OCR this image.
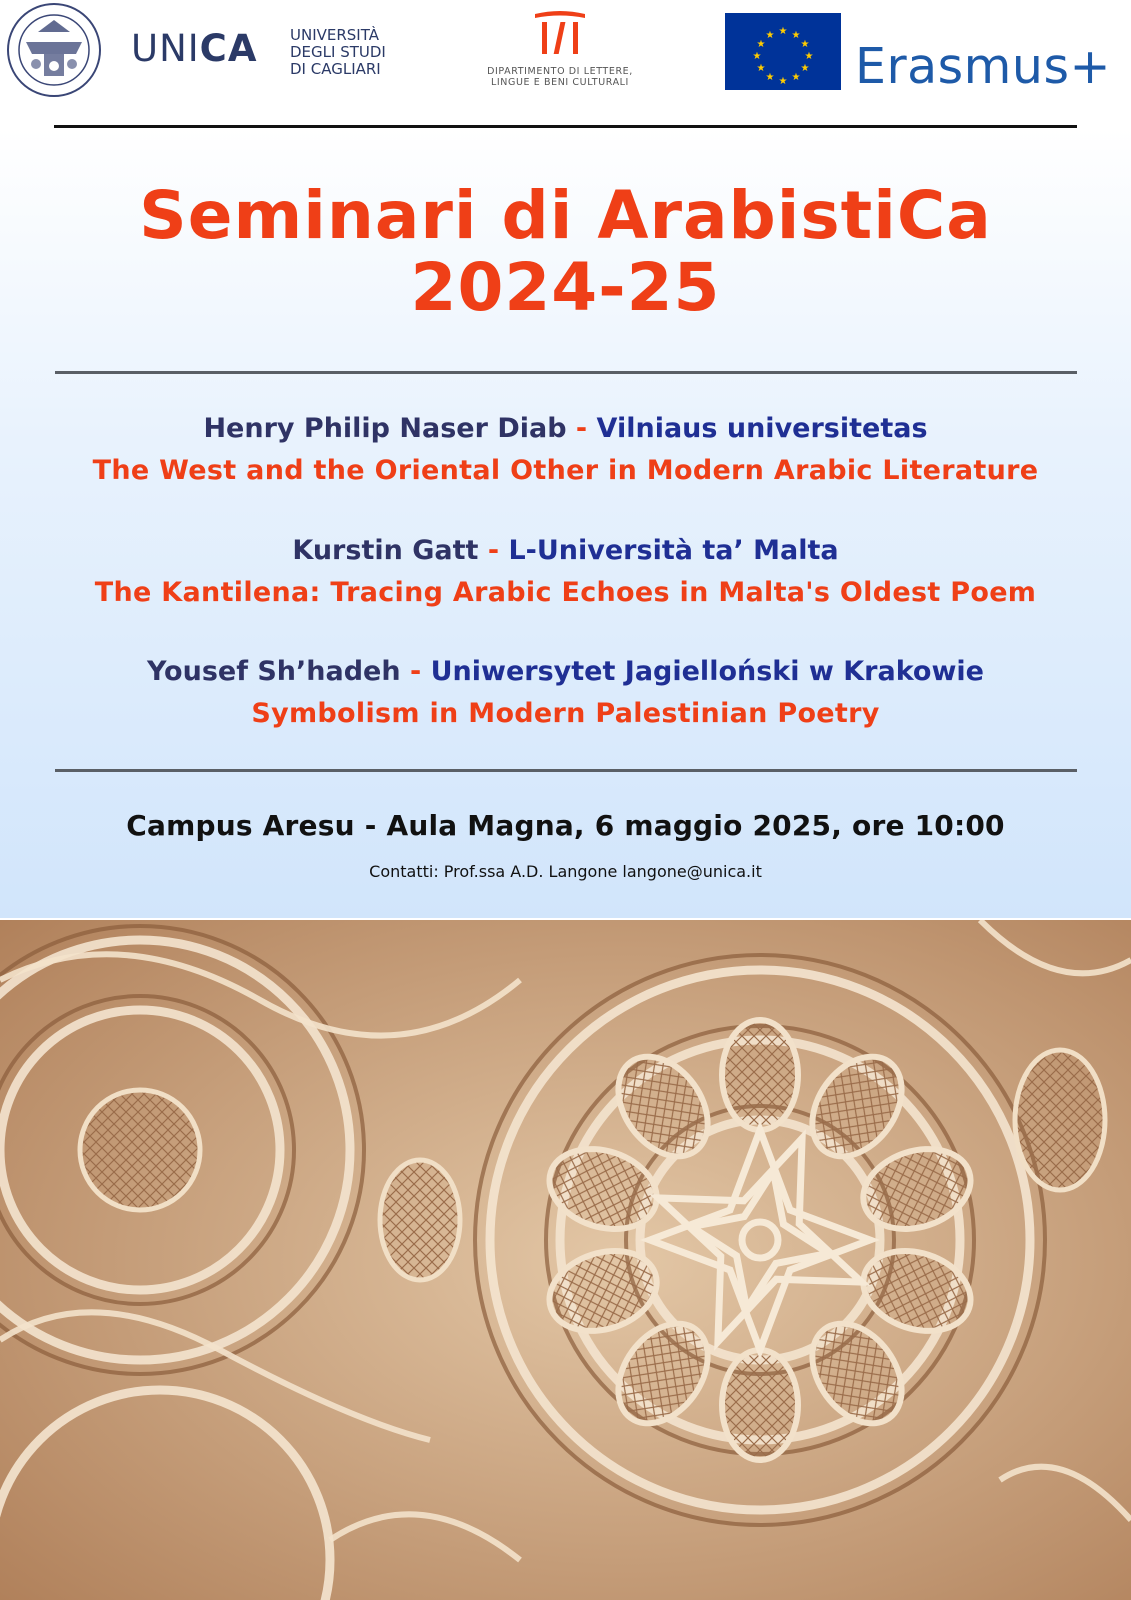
UNICA UNIVERSITÀ
DEGLI STUDI
DI CAGLIARI	DIPARTIMENTO DI LETTERE,
LINGUE E BENI CULTURALI
★ ★
★
★
★
★
★
★
★
★
★
★
Erasmus+
Seminari di ArabistiCa
2024-25
Henry Philip Naser Diab - Vilniaus universitetas
The West and the Oriental Other in Modern Arabic Literature
Kurstin Gatt - L-Università ta’ Malta
The Kantilena: Tracing Arabic Echoes in Malta's Oldest Poem
Yousef Sh’hadeh - Uniwersytet Jagielloński w Krakowie
Symbolism in Modern Palestinian Poetry
Campus Aresu - Aula Magna, 6 maggio 2025, ore 10:00
Contatti: Prof.ssa A.D. Langone langone@unica.it
